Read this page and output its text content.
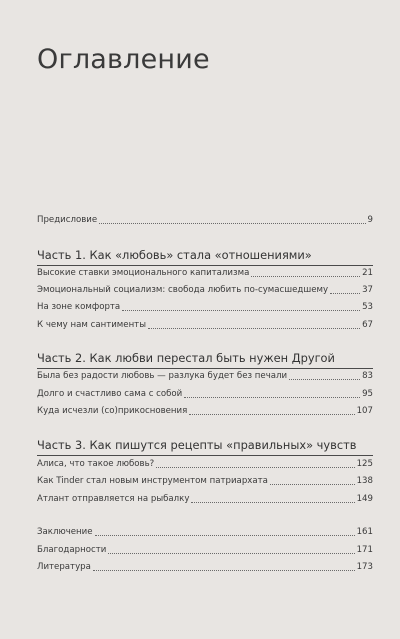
Оглавление
Предисловие	9
Часть 1. Как «любовь» стала «отношениями»
Высокие ставки эмоционального капитализма	21
Эмоциональный социализм: свобода любить по-сумасшедшему	37
На зоне комфорта	53
К чему нам сантименты	67
Часть 2. Как любви перестал быть нужен Другой
Была без радости любовь — разлука будет без печали	83
Долго и счастливо сама с собой	95
Куда исчезли (со)прикосновения	107
Часть 3. Как пишутся рецепты «правильных» чувств
Алиса, что такое любовь?	125
Как Tinder стал новым инструментом патриархата	138
Атлант отправляется на рыбалку	149
Заключение	161
Благодарности	171
Литература	173
